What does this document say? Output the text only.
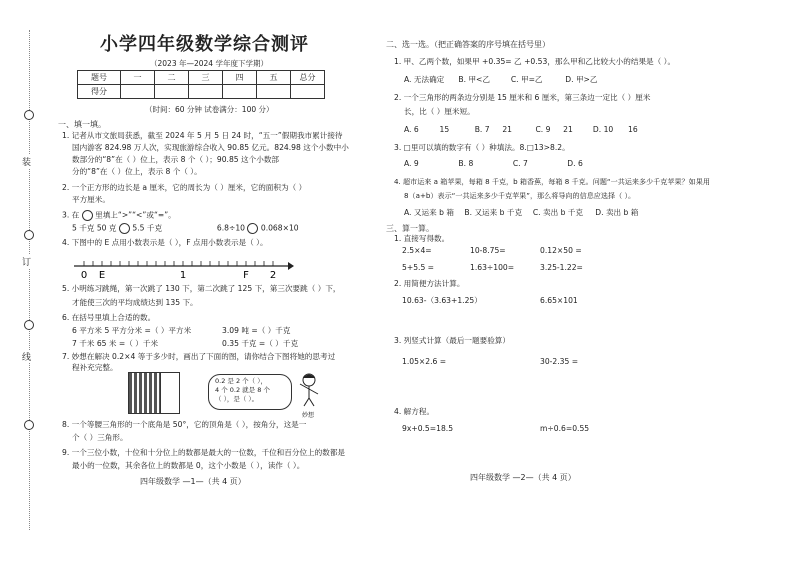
装
订
线
小学四年级数学综合测评
（2023 年—2024 学年度下学期）
题号	一	二	三	四	五	总分
得分						
（时间：60 分钟 试卷满分：100 分）
一、填一填。
1. 记者从市文旅局获悉，截至 2024 年 5 月 5 日 24 时，“五一”假期我市累计接待
国内游客 824.98 万人次，实现旅游综合收入 90.85 亿元。824.98 这个小数中小
数部分的“8”在（ ）位上，表示 8 个（ ）；90.85 这个小数部
分的“8”在（ ）位上，表示 8 个（ ）。
2. 一个正方形的边长是 a 厘米，它的周长为（ ）厘米，它的面积为（ ）
平方厘米。
3. 在 里填上“>”“<”或“=”。
5 千克 50 克 5.5 千克	6.8÷10 0.068×10
4. 下图中的 E 点用小数表示是（ ），F 点用小数表示是（ ）。
0 E	1	F 2
5. 小明练习跳绳，第一次跳了 130 下，第二次跳了 125 下，第三次要跳（ ）下，
才能使三次的平均成绩达到 135 下。
6. 在括号里填上合适的数。
6 平方米 5 平方分米 =（ ）平方米	3.09 吨 =（ ）千克
7 千米 65 米 =（ ）千米	0.35 千克 =（ ）千克
7. 妙想在解决 0.2×4 等于多少时，画出了下面的图，请你结合下图将她的思考过
程补充完整。
0.2 是 2 个（ ），
4 个 0.2 就是 8 个
（ ），是（ ）。
妙想
8. 一个等腰三角形的一个底角是 50°，它的顶角是（ ），按角分，这是一
个（ ）三角形。
9. 一个三位小数，十位和十分位上的数都是最大的一位数，千位和百分位上的数都是
最小的一位数，其余各位上的数都是 0，这个小数是（ ），读作（ ）。
四年级数学 —1—（共 4 页）
二、选一选。（把正确答案的序号填在括号里）
1. 甲、乙两个数，如果甲 +0.35= 乙 +0.53，那么甲和乙比较大小的结果是（ ）。
A. 无法确定 B. 甲<乙	C. 甲=乙	D. 甲>乙
2. 一个三角形的两条边分别是 15 厘米和 6 厘米，第三条边一定比（ ）厘米
长，比（ ）厘米短。
A. 6	15	B. 7 21	C. 9 21	D. 10 16
3. □里可以填的数字有（ ）种填法。8.□13>8.2。
A. 9	B. 8	C. 7	D. 6
4. 超市运来 a 箱苹果，每箱 8 千克，b 箱香蕉，每箱 8 千克。问题“一共运来多少千克苹果？如果用
8（a+b）表示“一共运来多少千克苹果”，那么将导向的信息应选择（ ）。
A. 又运来 b 箱 B. 又运来 b 千克 C. 卖出 b 千克 D. 卖出 b 箱
三、算一算。
1. 直接写得数。
2.5×4=	10-8.75=	0.12×50 =
5+5.5 =	1.63÷100=	3.25-1.22=
2. 用简便方法计算。
10.63-（3.63+1.25）	6.65×101
3. 列竖式计算（最后一题要验算）
1.05×2.6 =	30-2.35 =
4. 解方程。
9x+0.5=18.5	m÷0.6=0.55
四年级数学 —2—（共 4 页）
